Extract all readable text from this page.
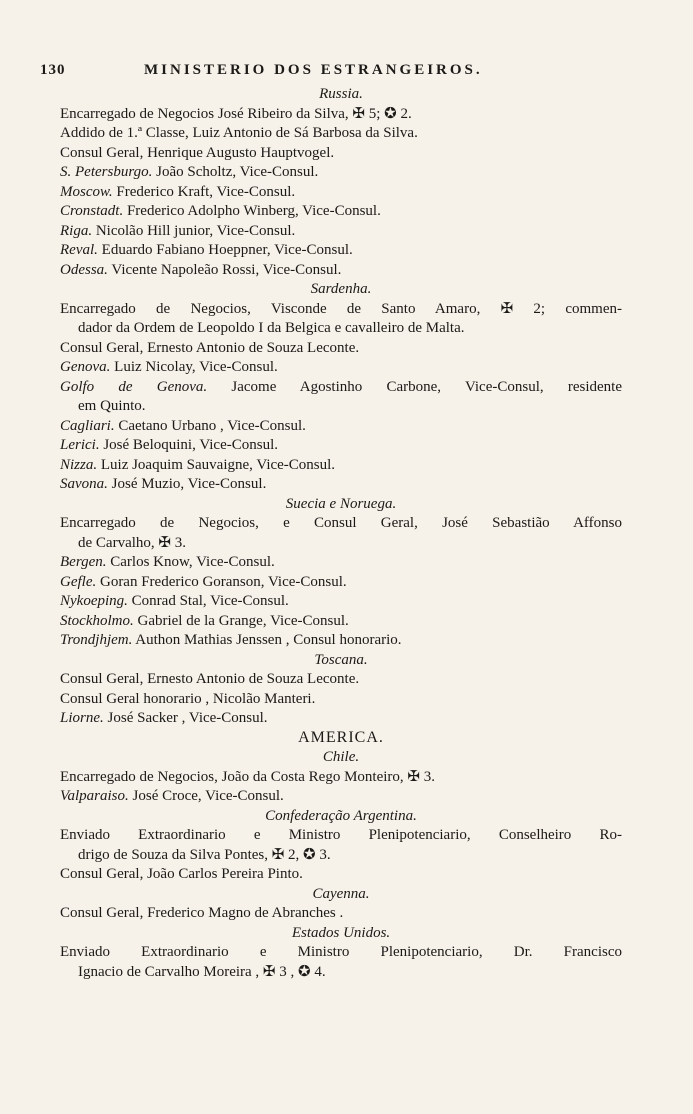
130	MINISTERIO DOS ESTRANGEIROS.
Russia.
Encarregado de Negocios José Ribeiro da Silva, ✠ 5; ✪ 2.
Addido de 1.ª Classe, Luiz Antonio de Sá Barbosa da Silva.
Consul Geral, Henrique Augusto Hauptvogel.
S. Petersburgo. João Scholtz, Vice-Consul.
Moscow. Frederico Kraft, Vice-Consul.
Cronstadt. Frederico Adolpho Winberg, Vice-Consul.
Riga. Nicolão Hill junior, Vice-Consul.
Reval. Eduardo Fabiano Hoeppner, Vice-Consul.
Odessa. Vicente Napoleão Rossi, Vice-Consul.
Sardenha.
Encarregado de Negocios, Visconde de Santo Amaro, ✠ 2; commen-
dador da Ordem de Leopoldo I da Belgica e cavalleiro de Malta.
Consul Geral, Ernesto Antonio de Souza Leconte.
Genova. Luiz Nicolay, Vice-Consul.
Golfo de Genova. Jacome Agostinho Carbone, Vice-Consul, residente
em Quinto.
Cagliari. Caetano Urbano , Vice-Consul.
Lerici. José Beloquini, Vice-Consul.
Nizza. Luiz Joaquim Sauvaigne, Vice-Consul.
Savona. José Muzio, Vice-Consul.
Suecia e Noruega.
Encarregado de Negocios, e Consul Geral, José Sebastião Affonso
de Carvalho, ✠ 3.
Bergen. Carlos Know, Vice-Consul.
Gefle. Goran Frederico Goranson, Vice-Consul.
Nykoeping. Conrad Stal, Vice-Consul.
Stockholmo. Gabriel de la Grange, Vice-Consul.
Trondjhjem. Authon Mathias Jenssen , Consul honorario.
Toscana.
Consul Geral, Ernesto Antonio de Souza Leconte.
Consul Geral honorario , Nicolão Manteri.
Liorne. José Sacker , Vice-Consul.
AMERICA.
Chile.
Encarregado de Negocios, João da Costa Rego Monteiro, ✠ 3.
Valparaiso. José Croce, Vice-Consul.
Confederação Argentina.
Enviado Extraordinario e Ministro Plenipotenciario, Conselheiro Ro-
drigo de Souza da Silva Pontes, ✠ 2, ✪ 3.
Consul Geral, João Carlos Pereira Pinto.
Cayenna.
Consul Geral, Frederico Magno de Abranches .
Estados Unidos.
Enviado Extraordinario e Ministro Plenipotenciario, Dr. Francisco
Ignacio de Carvalho Moreira , ✠ 3 , ✪ 4.
